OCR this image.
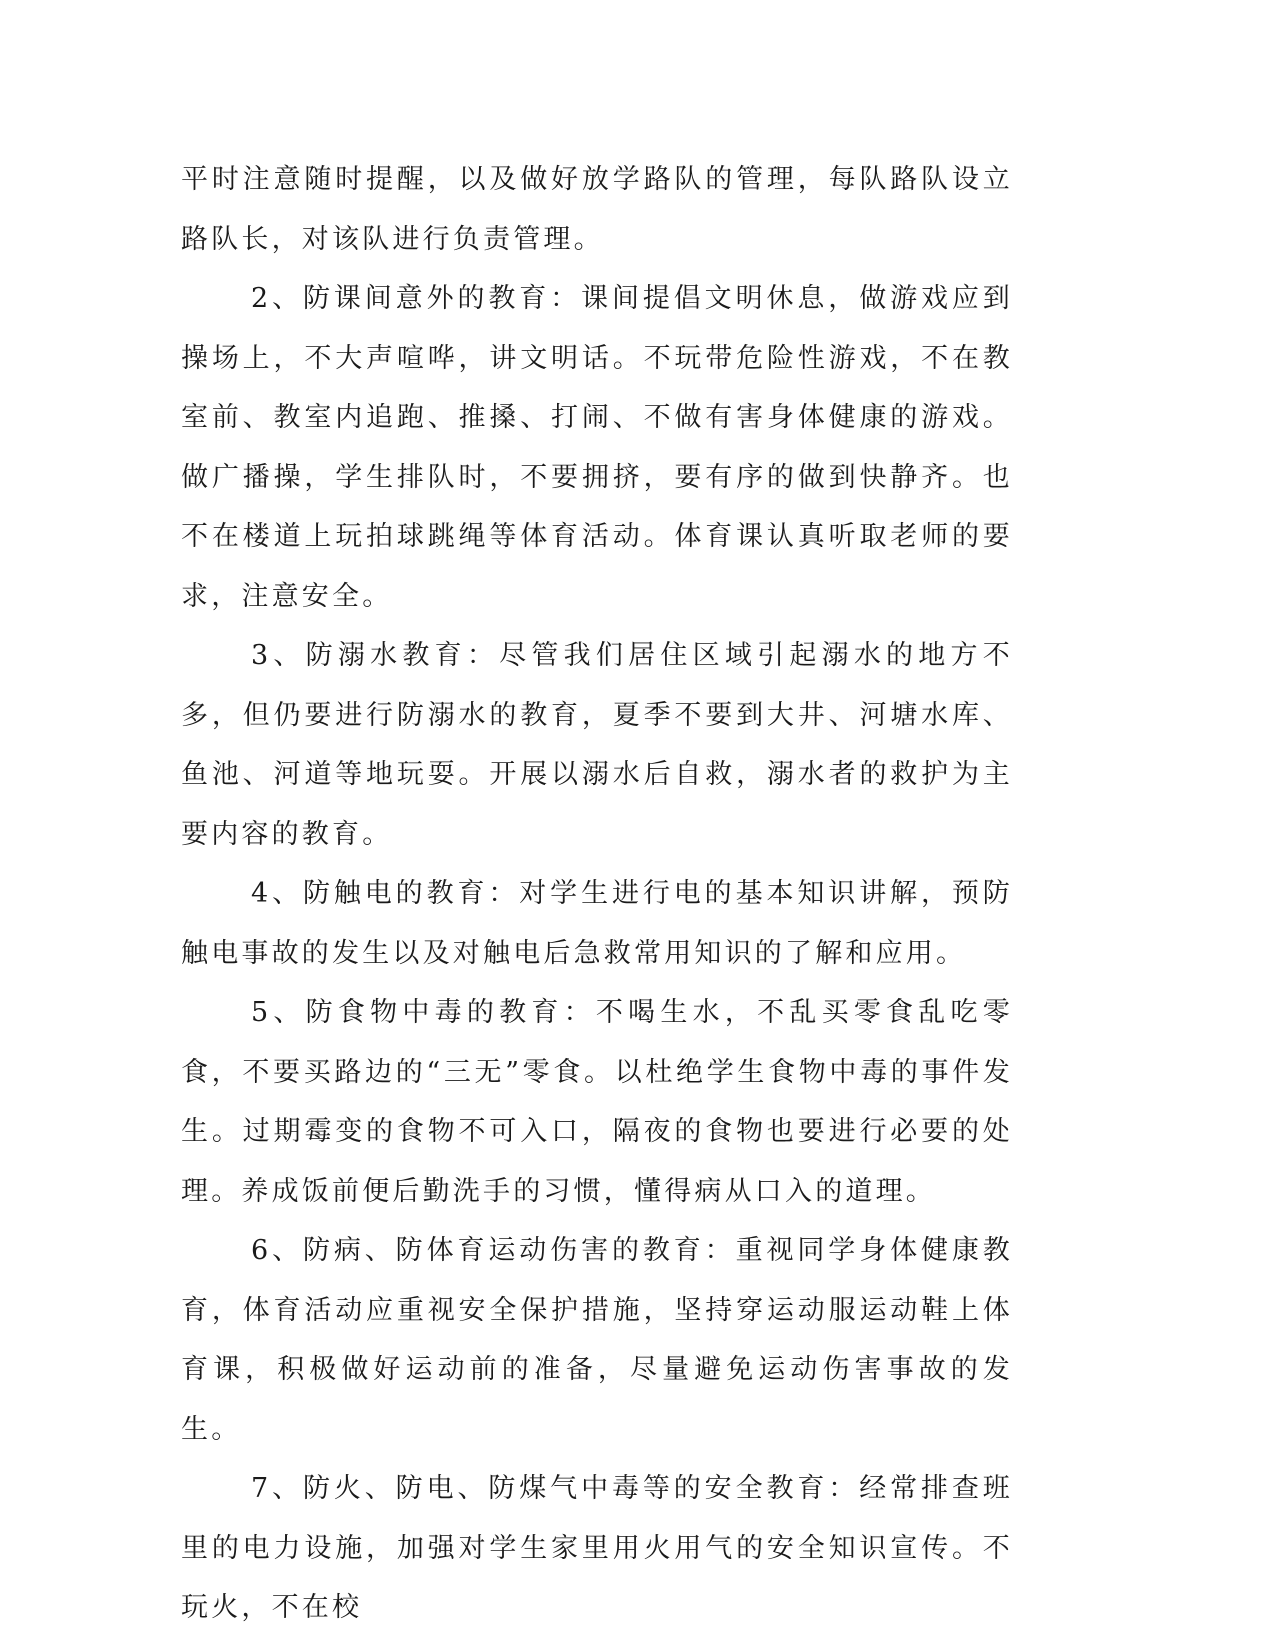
平时注意随时提醒，以及做好放学路队的管理，每队路队设立路队长，对该队进行负责管理。

2、防课间意外的教育：课间提倡文明休息，做游戏应到操场上，不大声喧哗，讲文明话。不玩带危险性游戏，不在教室前、教室内追跑、推搡、打闹、不做有害身体健康的游戏。做广播操，学生排队时，不要拥挤，要有序的做到快静齐。也不在楼道上玩拍球跳绳等体育活动。体育课认真听取老师的要求，注意安全。

3、防溺水教育：尽管我们居住区域引起溺水的地方不多，但仍要进行防溺水的教育，夏季不要到大井、河塘水库、鱼池、河道等地玩耍。开展以溺水后自救，溺水者的救护为主要内容的教育。

4、防触电的教育：对学生进行电的基本知识讲解，预防触电事故的发生以及对触电后急救常用知识的了解和应用。

5、防食物中毒的教育：不喝生水，不乱买零食乱吃零食，不要买路边的“三无”零食。以杜绝学生食物中毒的事件发生。过期霉变的食物不可入口，隔夜的食物也要进行必要的处理。养成饭前便后勤洗手的习惯，懂得病从口入的道理。

6、防病、防体育运动伤害的教育：重视同学身体健康教育，体育活动应重视安全保护措施，坚持穿运动服运动鞋上体育课，积极做好运动前的准备，尽量避免运动伤害事故的发生。

7、防火、防电、防煤气中毒等的安全教育：经常排查班里的电力设施，加强对学生家里用火用气的安全知识宣传。不玩火，不在校
